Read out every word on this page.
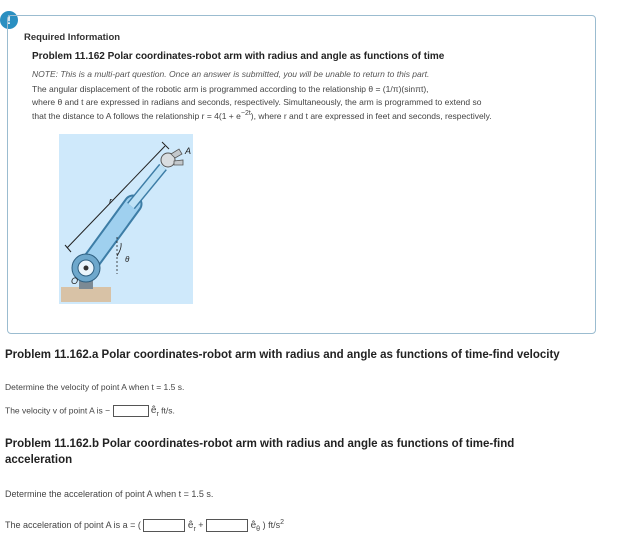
!
Required Information
Problem 11.162 Polar coordinates-robot arm with radius and angle as functions of time
NOTE: This is a multi-part question. Once an answer is submitted, you will be unable to return to this part.
The angular displacement of the robotic arm is programmed according to the relationship θ = (1/π)(sinπt),
where θ and t are expressed in radians and seconds, respectively. Simultaneously, the arm is programmed to extend so
that the distance to A follows the relationship $r = 4(1 + e^{-2t})$, where r and t are expressed in feet and seconds, respectively.
A
r
θ
O
Problem 11.162.a Polar coordinates-robot arm with radius and angle as functions of time-find velocity
Determine the velocity of point A when t = 1.5 s.
The velocity v of point A is −	$ê_r$ ft/s.
Problem 11.162.b Polar coordinates-robot arm with radius and angle as functions of time-find
acceleration
Determine the acceleration of point A when t = 1.5 s.
The acceleration of point A is a = (	$ê_r$ +	$ê_\theta$ ) $ft/s^2$
